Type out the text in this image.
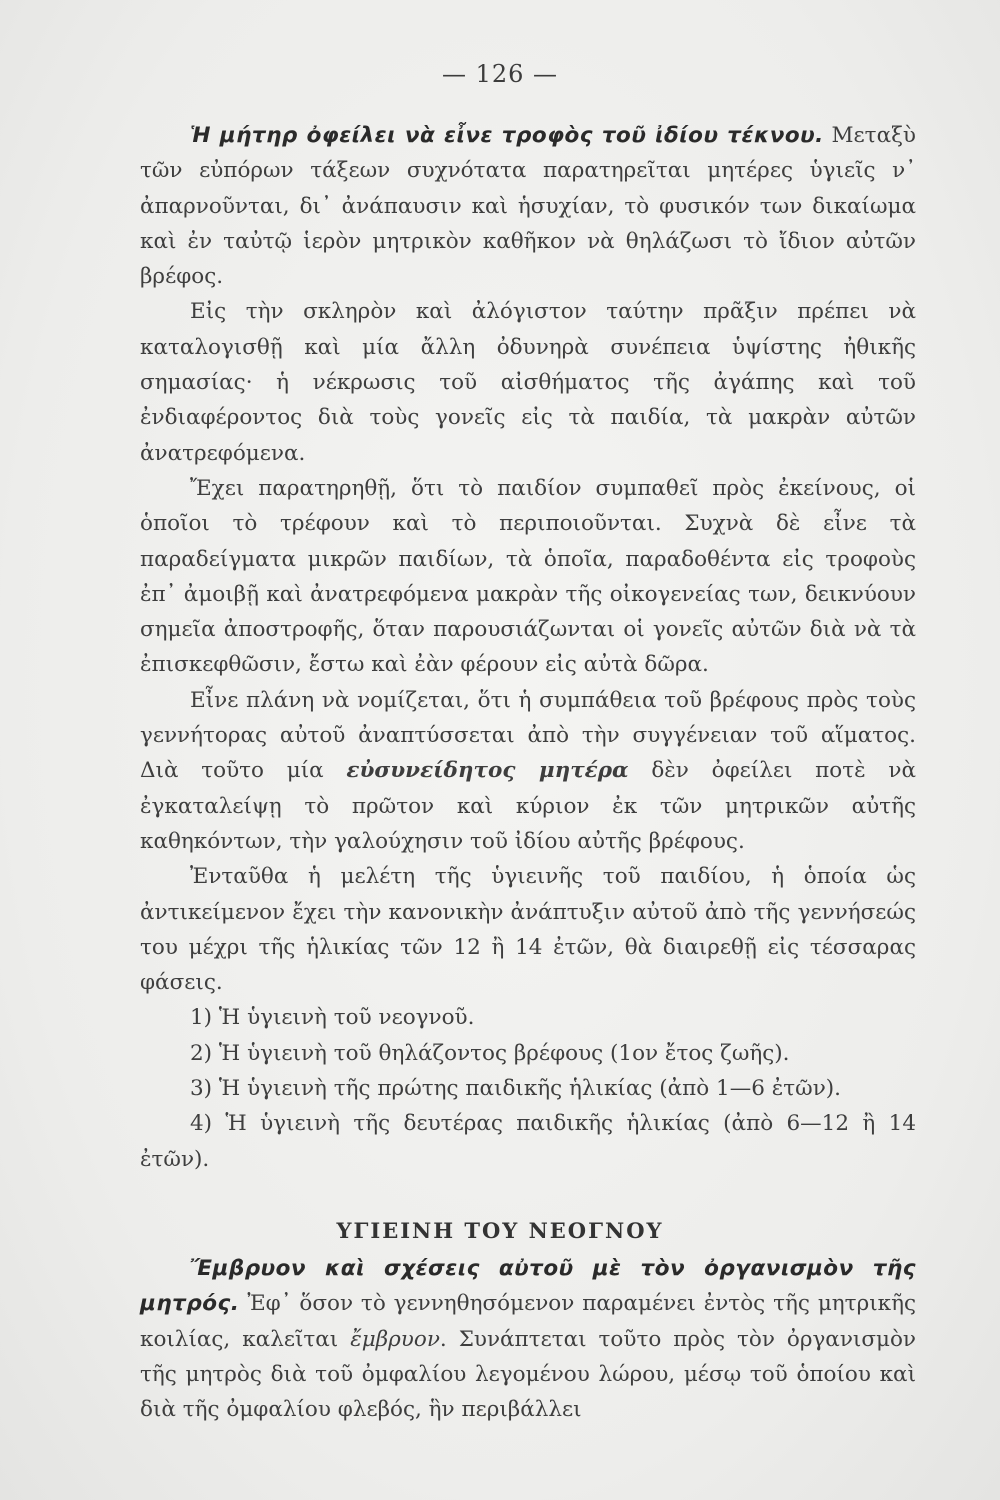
— 126 —

Ἡ μήτηρ ὀφείλει νὰ εἶνε τροφὸς τοῦ ἰδίου τέκνου. Μεταξὺ τῶν εὐπόρων τάξεων συχνότατα παρατηρεῖται μητέρες ὑγιεῖς ν᾿ ἀπαρνοῦνται, δι᾿ ἀνάπαυσιν καὶ ἡσυχίαν, τὸ φυσικόν των δικαίωμα καὶ ἐν ταὐτῷ ἱερὸν μητρικὸν καθῆκον νὰ θηλάζωσι τὸ ἴδιον αὐτῶν βρέφος.

Εἰς τὴν σκληρὸν καὶ ἀλόγιστον ταύτην πρᾶξιν πρέπει νὰ καταλογισθῇ καὶ μία ἄλλη ὀδυνηρὰ συνέπεια ὑψίστης ἠθικῆς σημασίας· ἡ νέκρωσις τοῦ αἰσθήματος τῆς ἀγάπης καὶ τοῦ ἐνδιαφέροντος διὰ τοὺς γονεῖς εἰς τὰ παιδία, τὰ μακρὰν αὐτῶν ἀνατρεφόμενα.

Ἔχει παρατηρηθῇ, ὅτι τὸ παιδίον συμπαθεῖ πρὸς ἐκείνους, οἱ ὁποῖοι τὸ τρέφουν καὶ τὸ περιποιοῦνται. Συχνὰ δὲ εἶνε τὰ παραδείγματα μικρῶν παιδίων, τὰ ὁποῖα, παραδοθέντα εἰς τροφοὺς ἐπ᾿ ἀμοιβῇ καὶ ἀνατρεφόμενα μακρὰν τῆς οἰκογενείας των, δεικνύουν σημεῖα ἀποστροφῆς, ὅταν παρουσιάζωνται οἱ γονεῖς αὐτῶν διὰ νὰ τὰ ἐπισκεφθῶσιν, ἔστω καὶ ἐὰν φέρουν εἰς αὐτὰ δῶρα.

Εἶνε πλάνη νὰ νομίζεται, ὅτι ἡ συμπάθεια τοῦ βρέφους πρὸς τοὺς γεννήτορας αὐτοῦ ἀναπτύσσεται ἀπὸ τὴν συγγένειαν τοῦ αἵματος. Διὰ τοῦτο μία εὐσυνείδητος μητέρα δὲν ὀφείλει ποτὲ νὰ ἐγκαταλείψῃ τὸ πρῶτον καὶ κύριον ἐκ τῶν μητρικῶν αὐτῆς καθηκόντων, τὴν γαλούχησιν τοῦ ἰδίου αὐτῆς βρέφους.

Ἐνταῦθα ἡ μελέτη τῆς ὑγιεινῆς τοῦ παιδίου, ἡ ὁποία ὡς ἀντικείμενον ἔχει τὴν κανονικὴν ἀνάπτυξιν αὐτοῦ ἀπὸ τῆς γεννήσεώς του μέχρι τῆς ἡλικίας τῶν 12 ἢ 14 ἐτῶν, θὰ διαιρεθῇ εἰς τέσσαρας φάσεις.

1) Ἡ ὑγιεινὴ τοῦ νεογνοῦ.

2) Ἡ ὑγιεινὴ τοῦ θηλάζοντος βρέφους (1ον ἔτος ζωῆς).

3) Ἡ ὑγιεινὴ τῆς πρώτης παιδικῆς ἡλικίας (ἀπὸ 1—6 ἐτῶν).

4) Ἡ ὑγιεινὴ τῆς δευτέρας παιδικῆς ἡλικίας (ἀπὸ 6—12 ἢ 14 ἐτῶν).

ΥΓΙΕΙΝΗ ΤΟΥ ΝΕΟΓΝΟΥ

Ἔμβρυον καὶ σχέσεις αὐτοῦ μὲ τὸν ὀργανισμὸν τῆς μητρός. Ἐφ᾿ ὅσον τὸ γεννηθησόμενον παραμένει ἐντὸς τῆς μητρικῆς κοιλίας, καλεῖται ἔμβρυον. Συνάπτεται τοῦτο πρὸς τὸν ὀργανισμὸν τῆς μητρὸς διὰ τοῦ ὀμφαλίου λεγομένου λώρου, μέσῳ τοῦ ὁποίου καὶ διὰ τῆς ὀμφαλίου φλεβός, ἣν περιβάλλει
